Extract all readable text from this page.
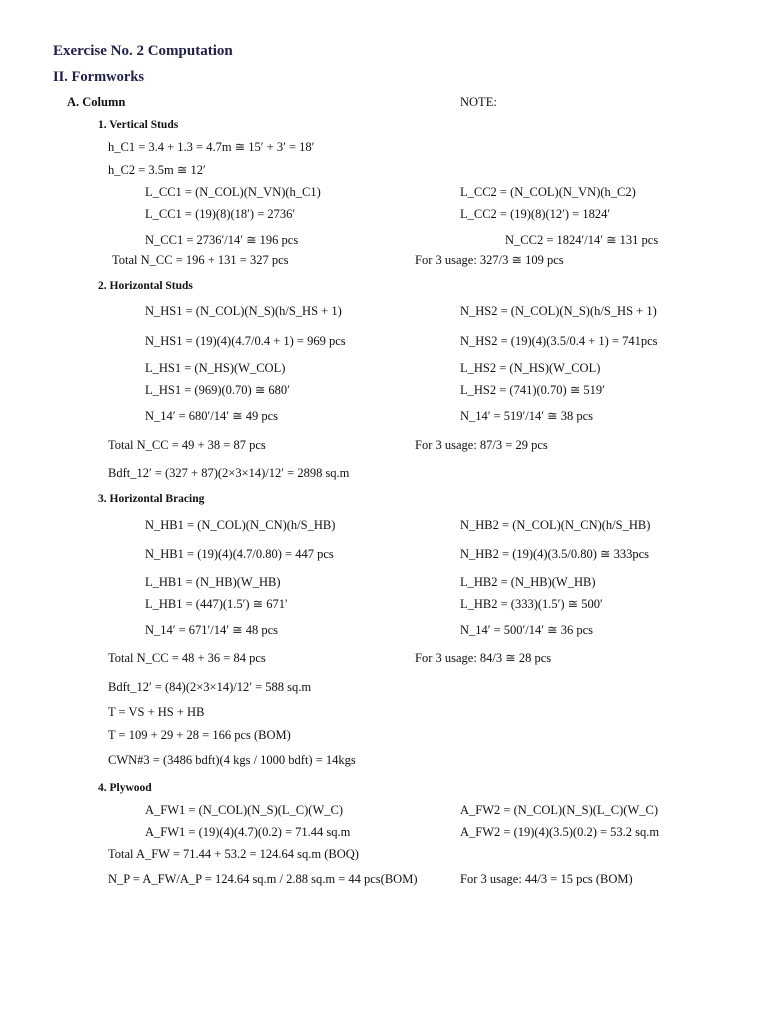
Exercise No. 2 Computation
II. Formworks
A. Column	NOTE:
1. Vertical Studs
h_C1 = 3.4 + 1.3 = 4.7m ≅ 15′ + 3′ = 18′
h_C2 = 3.5m ≅ 12′
L_CC1 = (N_COL)(N_VN)(h_C1)	L_CC2 = (N_COL)(N_VN)(h_C2)
L_CC1 = (19)(8)(18′) = 2736′	L_CC2 = (19)(8)(12′) = 1824′
N_CC1 = 2736′/14′ ≅ 196 pcs	N_CC2 = 1824′/14′ ≅ 131 pcs
Total N_CC = 196 + 131 = 327 pcs	For 3 usage: 327/3 ≅ 109 pcs
2. Horizontal Studs
N_HS1 = (N_COL)(N_S)(h/S_HS + 1)	N_HS2 = (N_COL)(N_S)(h/S_HS + 1)
N_HS1 = (19)(4)(4.7/0.4 + 1) = 969 pcs	N_HS2 = (19)(4)(3.5/0.4 + 1) = 741pcs
L_HS1 = (N_HS)(W_COL)	L_HS2 = (N_HS)(W_COL)
L_HS1 = (969)(0.70) ≅ 680′	L_HS2 = (741)(0.70) ≅ 519′
N_14′ = 680′/14′ ≅ 49 pcs	N_14′ = 519′/14′ ≅ 38 pcs
Total N_CC = 49 + 38 = 87 pcs	For 3 usage: 87/3 = 29 pcs
Bdft_12′ = (327 + 87)(2×3×14)/12′ = 2898 sq.m
3. Horizontal Bracing
N_HB1 = (N_COL)(N_CN)(h/S_HB)	N_HB2 = (N_COL)(N_CN)(h/S_HB)
N_HB1 = (19)(4)(4.7/0.80) = 447 pcs	N_HB2 = (19)(4)(3.5/0.80) ≅ 333pcs
L_HB1 = (N_HB)(W_HB)	L_HB2 = (N_HB)(W_HB)
L_HB1 = (447)(1.5′) ≅ 671′	L_HB2 = (333)(1.5′) ≅ 500′
N_14′ = 671′/14′ ≅ 48 pcs	N_14′ = 500′/14′ ≅ 36 pcs
Total N_CC = 48 + 36 = 84 pcs	For 3 usage: 84/3 ≅ 28 pcs
Bdft_12′ = (84)(2×3×14)/12′ = 588 sq.m
T = VS + HS + HB
T = 109 + 29 + 28 = 166 pcs (BOM)
CWN#3 = (3486 bdft)(4 kgs / 1000 bdft) = 14kgs
4. Plywood
A_FW1 = (N_COL)(N_S)(L_C)(W_C)	A_FW2 = (N_COL)(N_S)(L_C)(W_C)
A_FW1 = (19)(4)(4.7)(0.2) = 71.44 sq.m	A_FW2 = (19)(4)(3.5)(0.2) = 53.2 sq.m
Total A_FW = 71.44 + 53.2 = 124.64 sq.m (BOQ)
N_P = A_FW/A_P = 124.64 sq.m / 2.88 sq.m = 44 pcs(BOM)	For 3 usage: 44/3 = 15 pcs (BOM)
